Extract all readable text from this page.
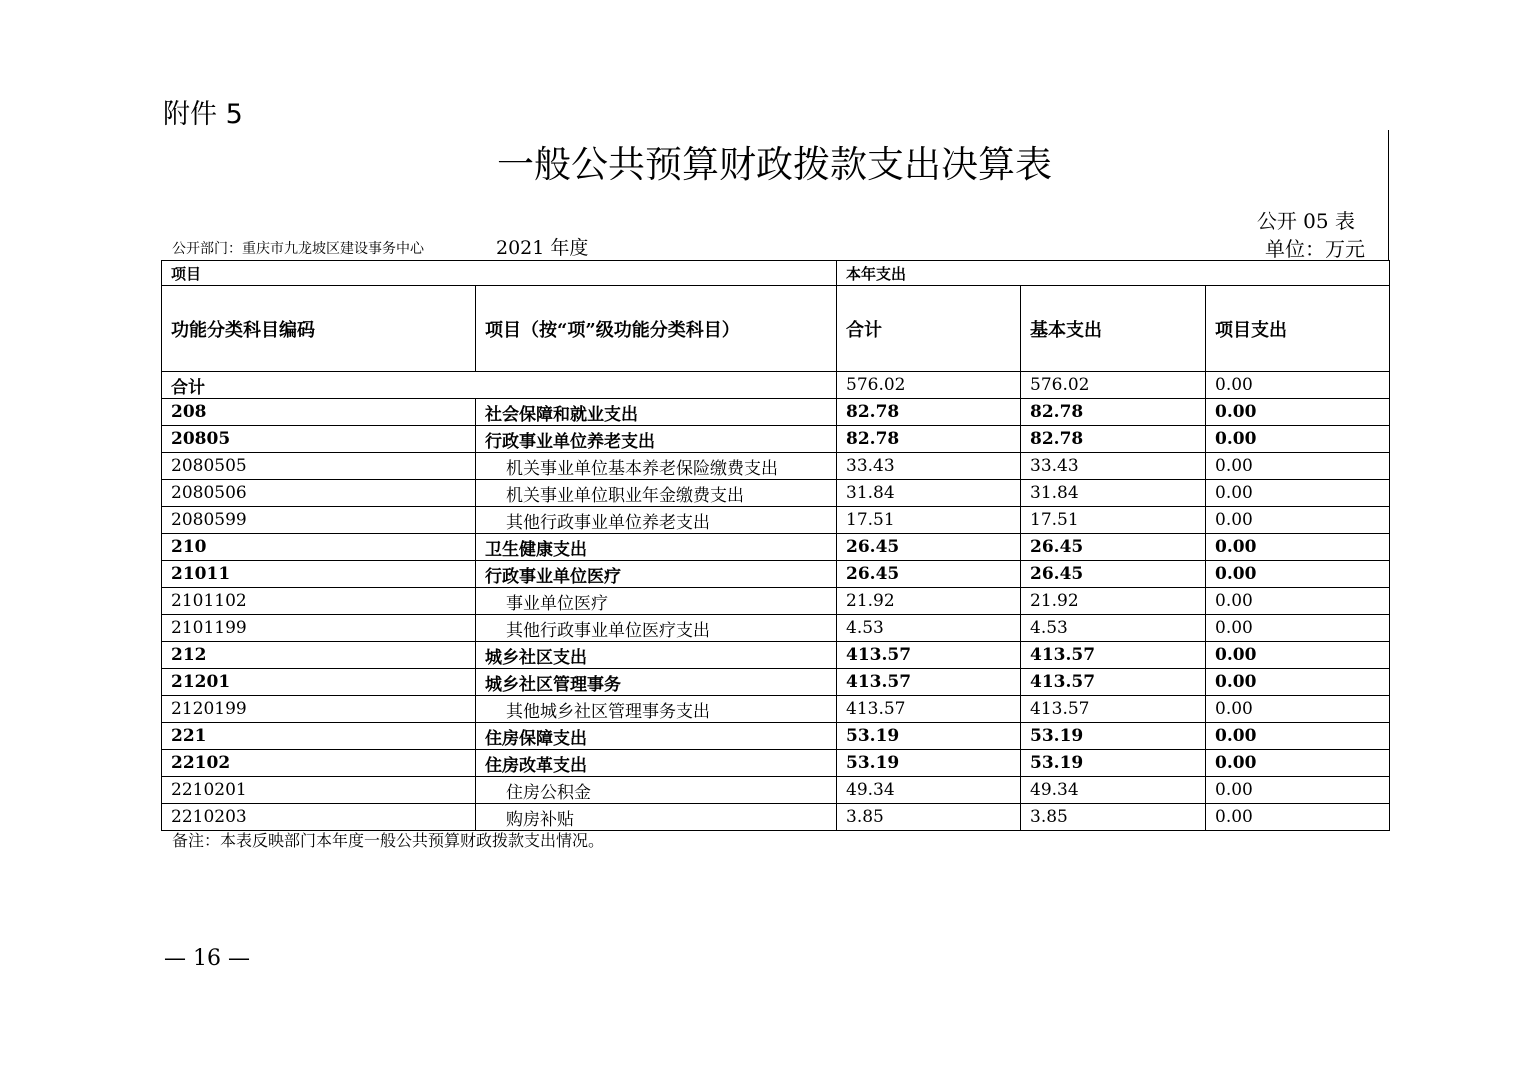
附件 5
一般公共预算财政拨款支出决算表
公开 05 表
单位：万元
公开部门：重庆市九龙坡区建设事务中心	2021 年度
项目		本年支出		
功能分类科目编码	项目（按“项”级功能分类科目）	合计	基本支出	项目支出
合计		576.02	576.02	0.00
208	社会保障和就业支出	82.78	82.78	0.00
20805	行政事业单位养老支出	82.78	82.78	0.00
2080505	机关事业单位基本养老保险缴费支出	33.43	33.43	0.00
2080506	机关事业单位职业年金缴费支出	31.84	31.84	0.00
2080599	其他行政事业单位养老支出	17.51	17.51	0.00
210	卫生健康支出	26.45	26.45	0.00
21011	行政事业单位医疗	26.45	26.45	0.00
2101102	事业单位医疗	21.92	21.92	0.00
2101199	其他行政事业单位医疗支出	4.53	4.53	0.00
212	城乡社区支出	413.57	413.57	0.00
21201	城乡社区管理事务	413.57	413.57	0.00
2120199	其他城乡社区管理事务支出	413.57	413.57	0.00
221	住房保障支出	53.19	53.19	0.00
22102	住房改革支出	53.19	53.19	0.00
2210201	住房公积金	49.34	49.34	0.00
2210203	购房补贴	3.85	3.85	0.00
备注：本表反映部门本年度一般公共预算财政拨款支出情况。
— 16 —
